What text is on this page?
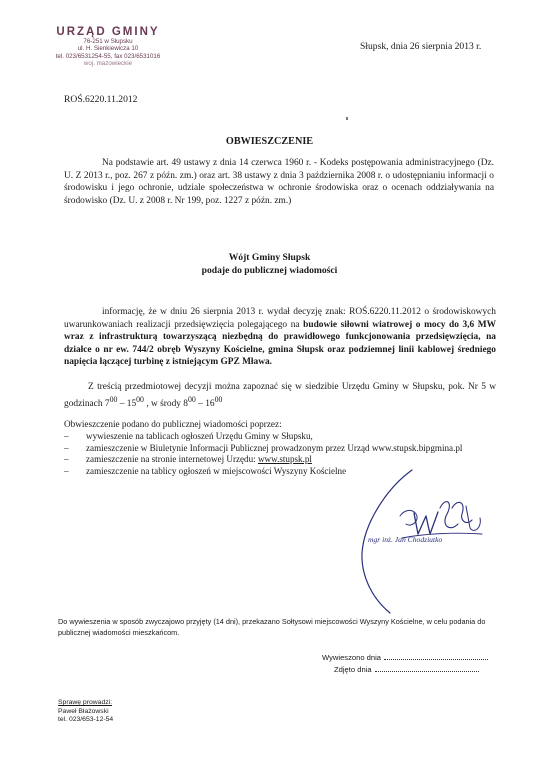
URZĄD GMINY
76-251 w Słupsku
ul. H. Sienkiewicza 10
tel. 023/6531254-55, fax 023/6531016
woj. mazowieckie
Słupsk, dnia 26 sierpnia 2013 r.
ROŚ.6220.11.2012
OBWIESZCZENIE
Na podstawie art. 49 ustawy z dnia 14 czerwca 1960 r. - Kodeks postępowania administracyjnego (Dz. U. Z 2013 r., poz. 267 z późn. zm.) oraz art. 38 ustawy z dnia 3 października 2008 r. o udostępnianiu informacji o środowisku i jego ochronie, udziale społeczeństwa w ochronie środowiska oraz o ocenach oddziaływania na środowisko (Dz. U. z 2008 r. Nr 199, poz. 1227 z późn. zm.)
Wójt Gminy Słupsk
podaje do publicznej wiadomości
informację, że w dniu 26 sierpnia 2013 r. wydał decyzję znak: ROŚ.6220.11.2012 o środowiskowych uwarunkowaniach realizacji przedsięwzięcia polegającego na budowie siłowni wiatrowej o mocy do 3,6 MW wraz z infrastrukturą towarzyszącą niezbędną do prawidłowego funkcjonowania przedsięwzięcia, na działce o nr ew. 744/2 obręb Wyszyny Kościelne, gmina Słupsk oraz podziemnej linii kablowej średniego napięcia łączącej turbinę z istniejącym GPZ Mława.
Z treścią przedmiotowej decyzji można zapoznać się w siedzibie Urzędu Gminy w Słupsku, pok. Nr 5 w godzinach $7^{00} - 15^{00}$ , w środy $8^{00} - 16^{00}$
Obwieszczenie podano do publicznej wiadomości poprzez:
– wywieszenie na tablicach ogłoszeń Urzędu Gminy w Słupsku,
– zamieszczenie w Biuletynie Informacji Publicznej prowadzonym przez Urząd www.stupsk.bipgmina.pl
– zamieszczenie na stronie internetowej Urzędu: www.stupsk.pl
– zamieszczenie na tablicy ogłoszeń w miejscowości Wyszyny Kościelne
mgr inż. Jan Chodziutko
Do wywieszenia w sposób zwyczajowo przyjęty (14 dni), przekazano Sołtysowi miejscowości Wyszyny Kościelne, w celu podania do publicznej wiadomości mieszkańcom.
Wywieszono dnia
Zdjęto dnia
Sprawę prowadzi:
Paweł Błażowski
tel. 023/653-12-54
